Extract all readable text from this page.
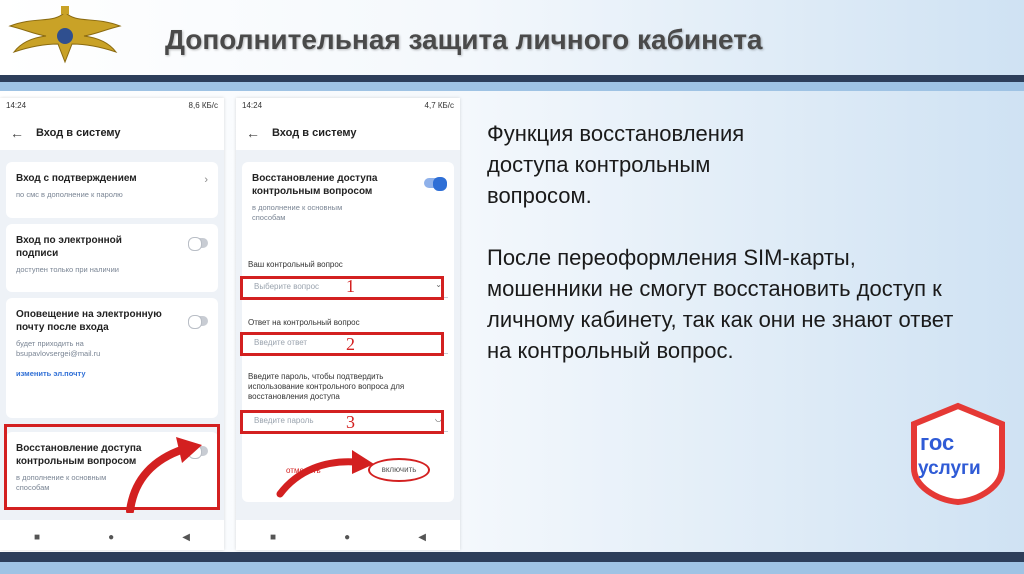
Дополнительная защита личного кабинета
14:24	8,6 КБ/с
←	Вход в систему
Вход с подтверждением
по смс в дополнение к паролю
›
Вход по электронной подписи
доступен только при наличии
Оповещение на электронную почту после входа
будет приходить на bsupavlovsergei@mail.ru
изменить эл.почту
Восстановление доступа контрольным вопросом
в дополнение к основным способам
■	●	◀
14:24	4,7 КБ/с
←	Вход в систему
Восстановление доступа контрольным вопросом
в дополнение к основным способам
Ваш контрольный вопрос
Выберите вопрос	⌄
Ответ на контрольный вопрос
Введите ответ
Введите пароль, чтобы подтвердить использование контрольного вопроса для восстановления доступа
Введите пароль	◡
1
2
3
отменить	включить
■	●	◀

Функция восстановления доступа контрольным вопросом.

После переоформления SIM-карты, мошенники не смогут восстановить доступ к личному кабинету, так как они не знают ответ на контрольный вопрос.

гос
услуги
